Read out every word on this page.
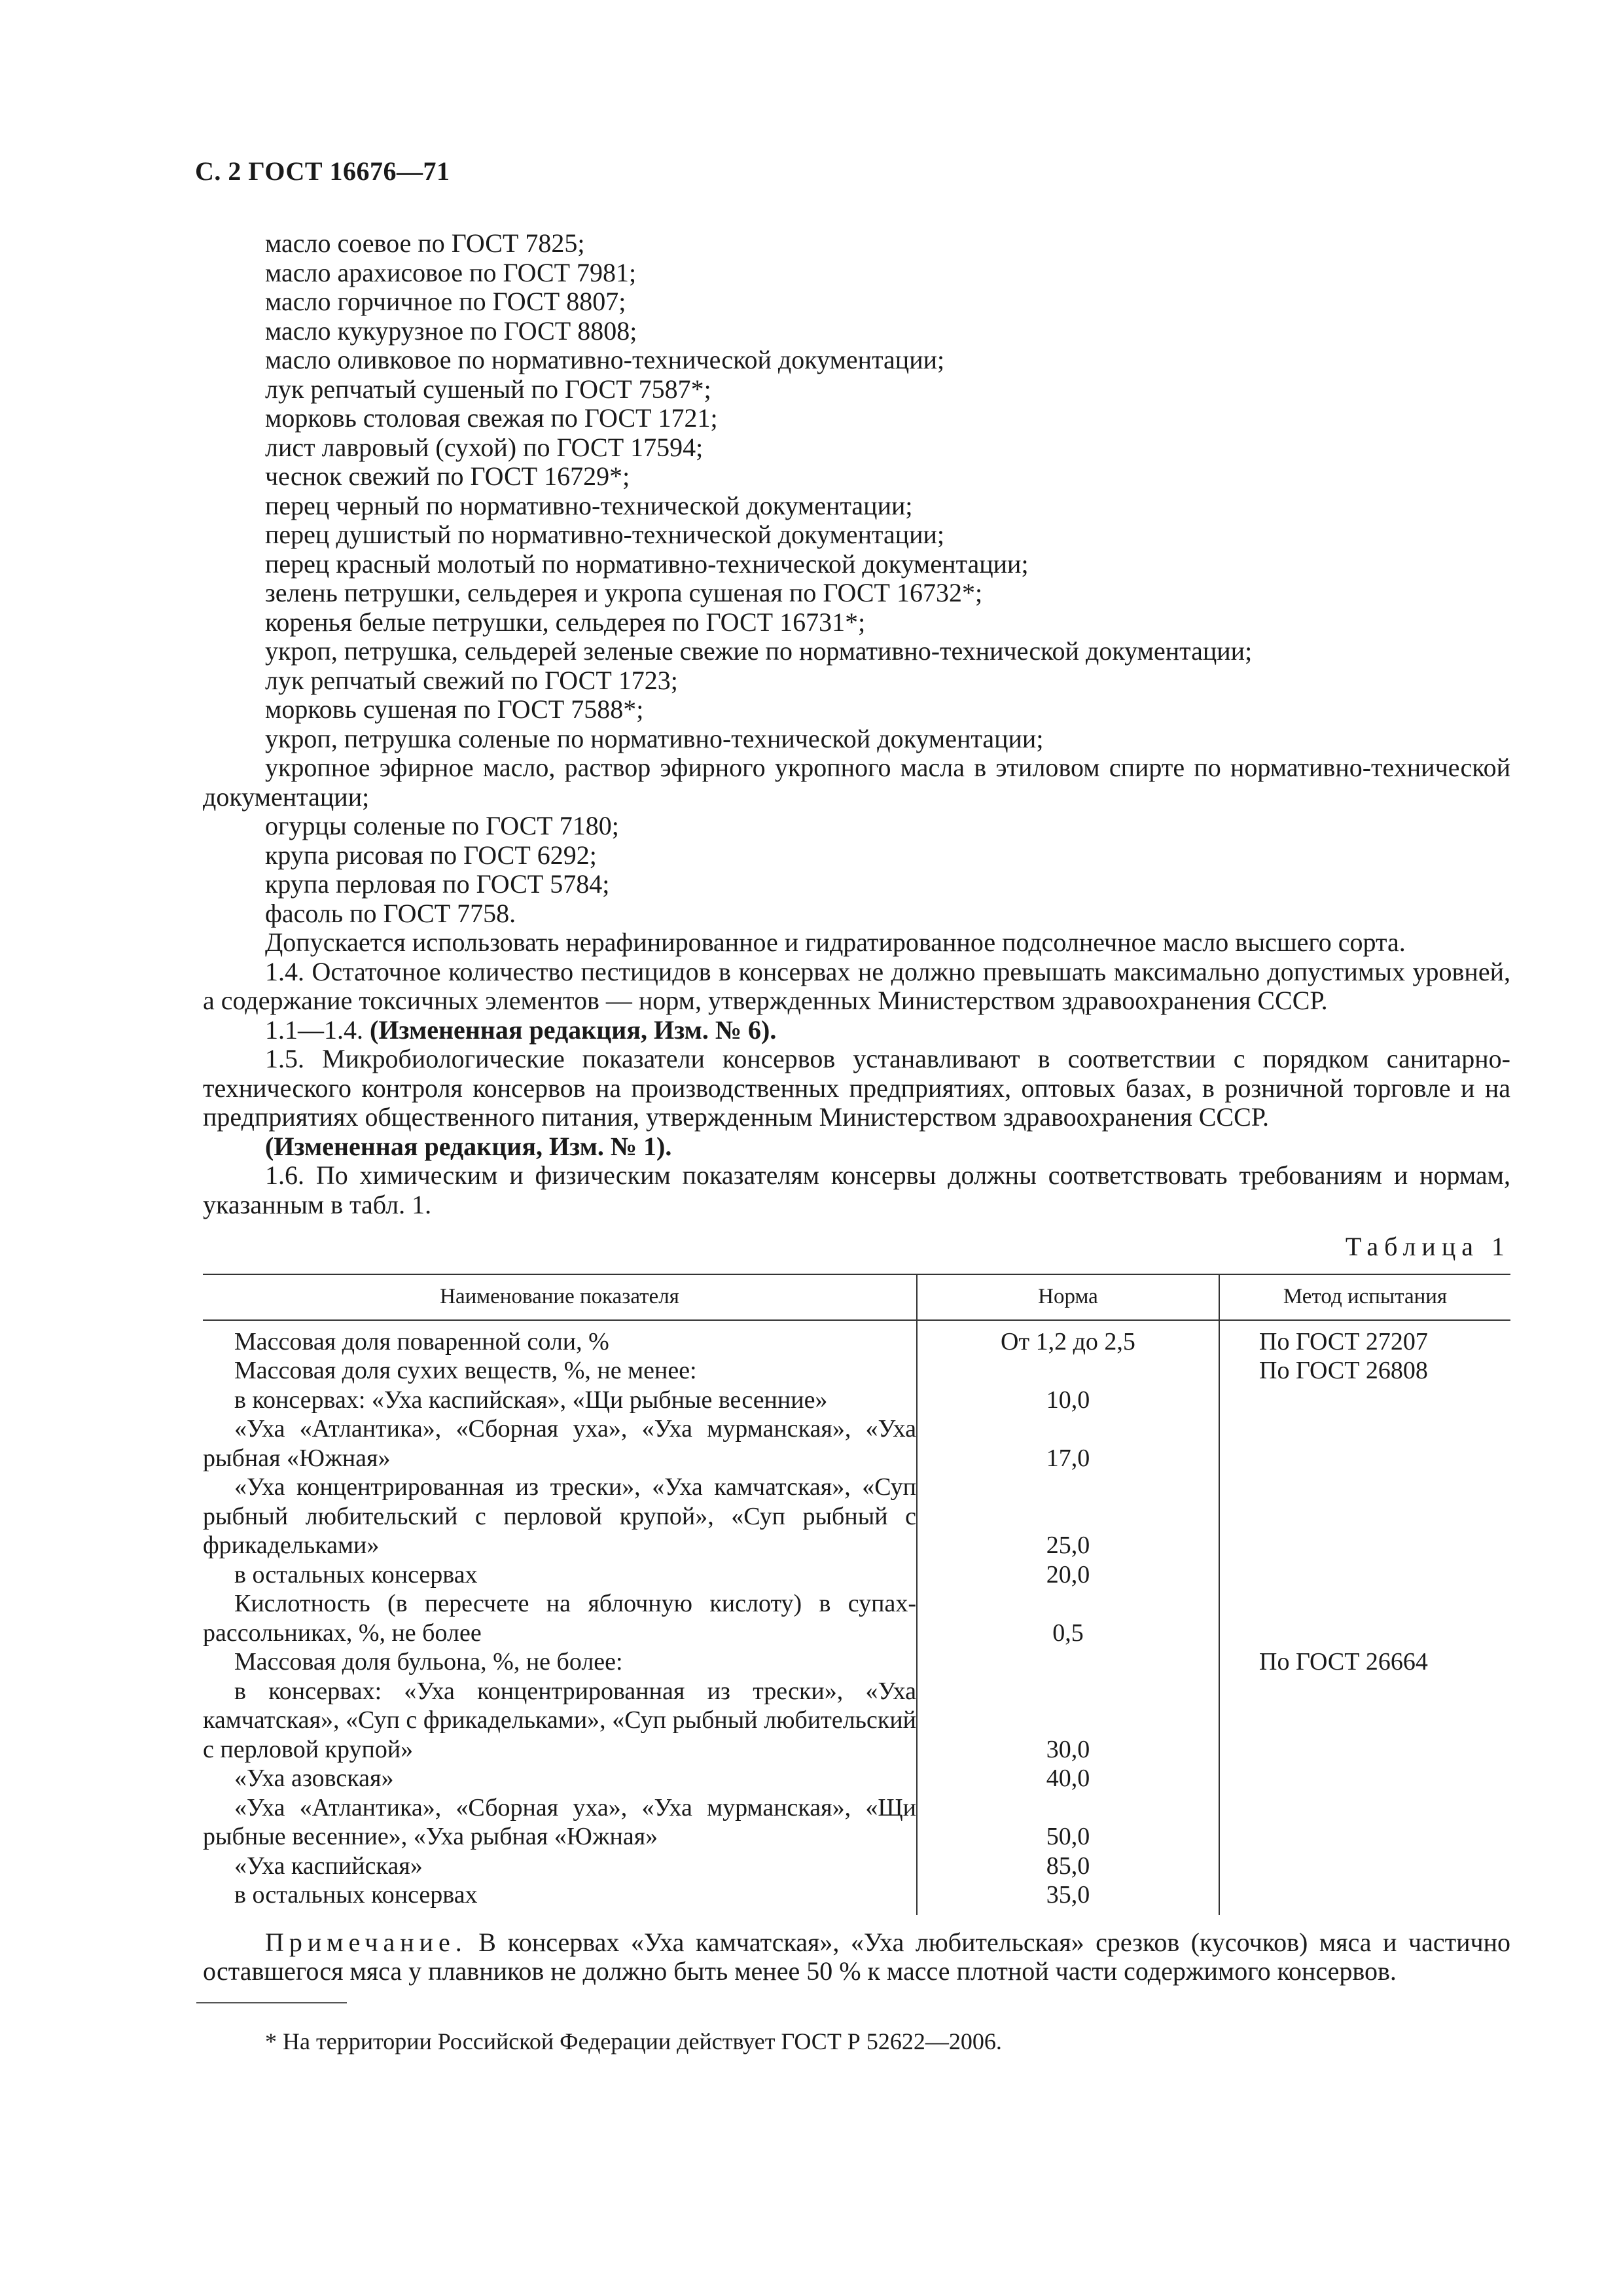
С. 2 ГОСТ 16676—71

масло соевое по ГОСТ 7825;

масло арахисовое по ГОСТ 7981;

масло горчичное по ГОСТ 8807;

масло кукурузное по ГОСТ 8808;

масло оливковое по нормативно-технической документации;

лук репчатый сушеный по ГОСТ 7587*;

морковь столовая свежая по ГОСТ 1721;

лист лавровый (сухой) по ГОСТ 17594;

чеснок свежий по ГОСТ 16729*;

перец черный по нормативно-технической документации;

перец душистый по нормативно-технической документации;

перец красный молотый по нормативно-технической документации;

зелень петрушки, сельдерея и укропа сушеная по ГОСТ 16732*;

коренья белые петрушки, сельдерея по ГОСТ 16731*;

укроп, петрушка, сельдерей зеленые свежие по нормативно-технической документации;

лук репчатый свежий по ГОСТ 1723;

морковь сушеная по ГОСТ 7588*;

укроп, петрушка соленые по нормативно-технической документации;

укропное эфирное масло, раствор эфирного укропного масла в этиловом спирте по нормативно-технической документации;

огурцы соленые по ГОСТ 7180;

крупа рисовая по ГОСТ 6292;

крупа перловая по ГОСТ 5784;

фасоль по ГОСТ 7758.

Допускается использовать нерафинированное и гидратированное подсолнечное масло высшего сорта.

1.4. Остаточное количество пестицидов в консервах не должно превышать максимально допустимых уровней, а содержание токсичных элементов — норм, утвержденных Министерством здравоохранения СССР.

1.1—1.4. (Измененная редакция, Изм. № 6).

1.5. Микробиологические показатели консервов устанавливают в соответствии с порядком санитарно-технического контроля консервов на производственных предприятиях, оптовых базах, в розничной торговле и на предприятиях общественного питания, утвержденным Министерством здравоохранения СССР.

(Измененная редакция, Изм. № 1).

1.6. По химическим и физическим показателям консервы должны соответствовать требованиям и нормам, указанным в табл. 1.

Таблица 1
Наименование показателя	Норма	Метод испытания
Массовая доля поваренной соли, %	От 1,2 до 2,5	По ГОСТ 27207
Массовая доля сухих веществ, %, не менее:		По ГОСТ 26808
в консервах: «Уха каспийская», «Щи рыбные весенние»	10,0	
«Уха «Атлантика», «Сборная уха», «Уха мурманская», «Уха рыбная «Южная»	17,0	
«Уха концентрированная из трески», «Уха камчатская», «Суп рыбный любительский с перловой крупой», «Суп рыбный с фрикадельками»	25,0	
в остальных консервах	20,0	
Кислотность (в пересчете на яблочную кислоту) в супах-рассольниках, %, не более	0,5	
Массовая доля бульона, %, не более:		По ГОСТ 26664
в консервах: «Уха концентрированная из трески», «Уха камчатская», «Суп с фрикадельками», «Суп рыбный любительский с перловой крупой»	30,0	
«Уха азовская»	40,0	
«Уха «Атлантика», «Сборная уха», «Уха мурманская», «Щи рыбные весенние», «Уха рыбная «Южная»	50,0	
«Уха каспийская»	85,0	
в остальных консервах	35,0	

Примечание. В консервах «Уха камчатская», «Уха любительская» срезков (кусочков) мяса и частично оставшегося мяса у плавников не должно быть менее 50 % к массе плотной части содержимого консервов.

* На территории Российской Федерации действует ГОСТ Р 52622—2006.
